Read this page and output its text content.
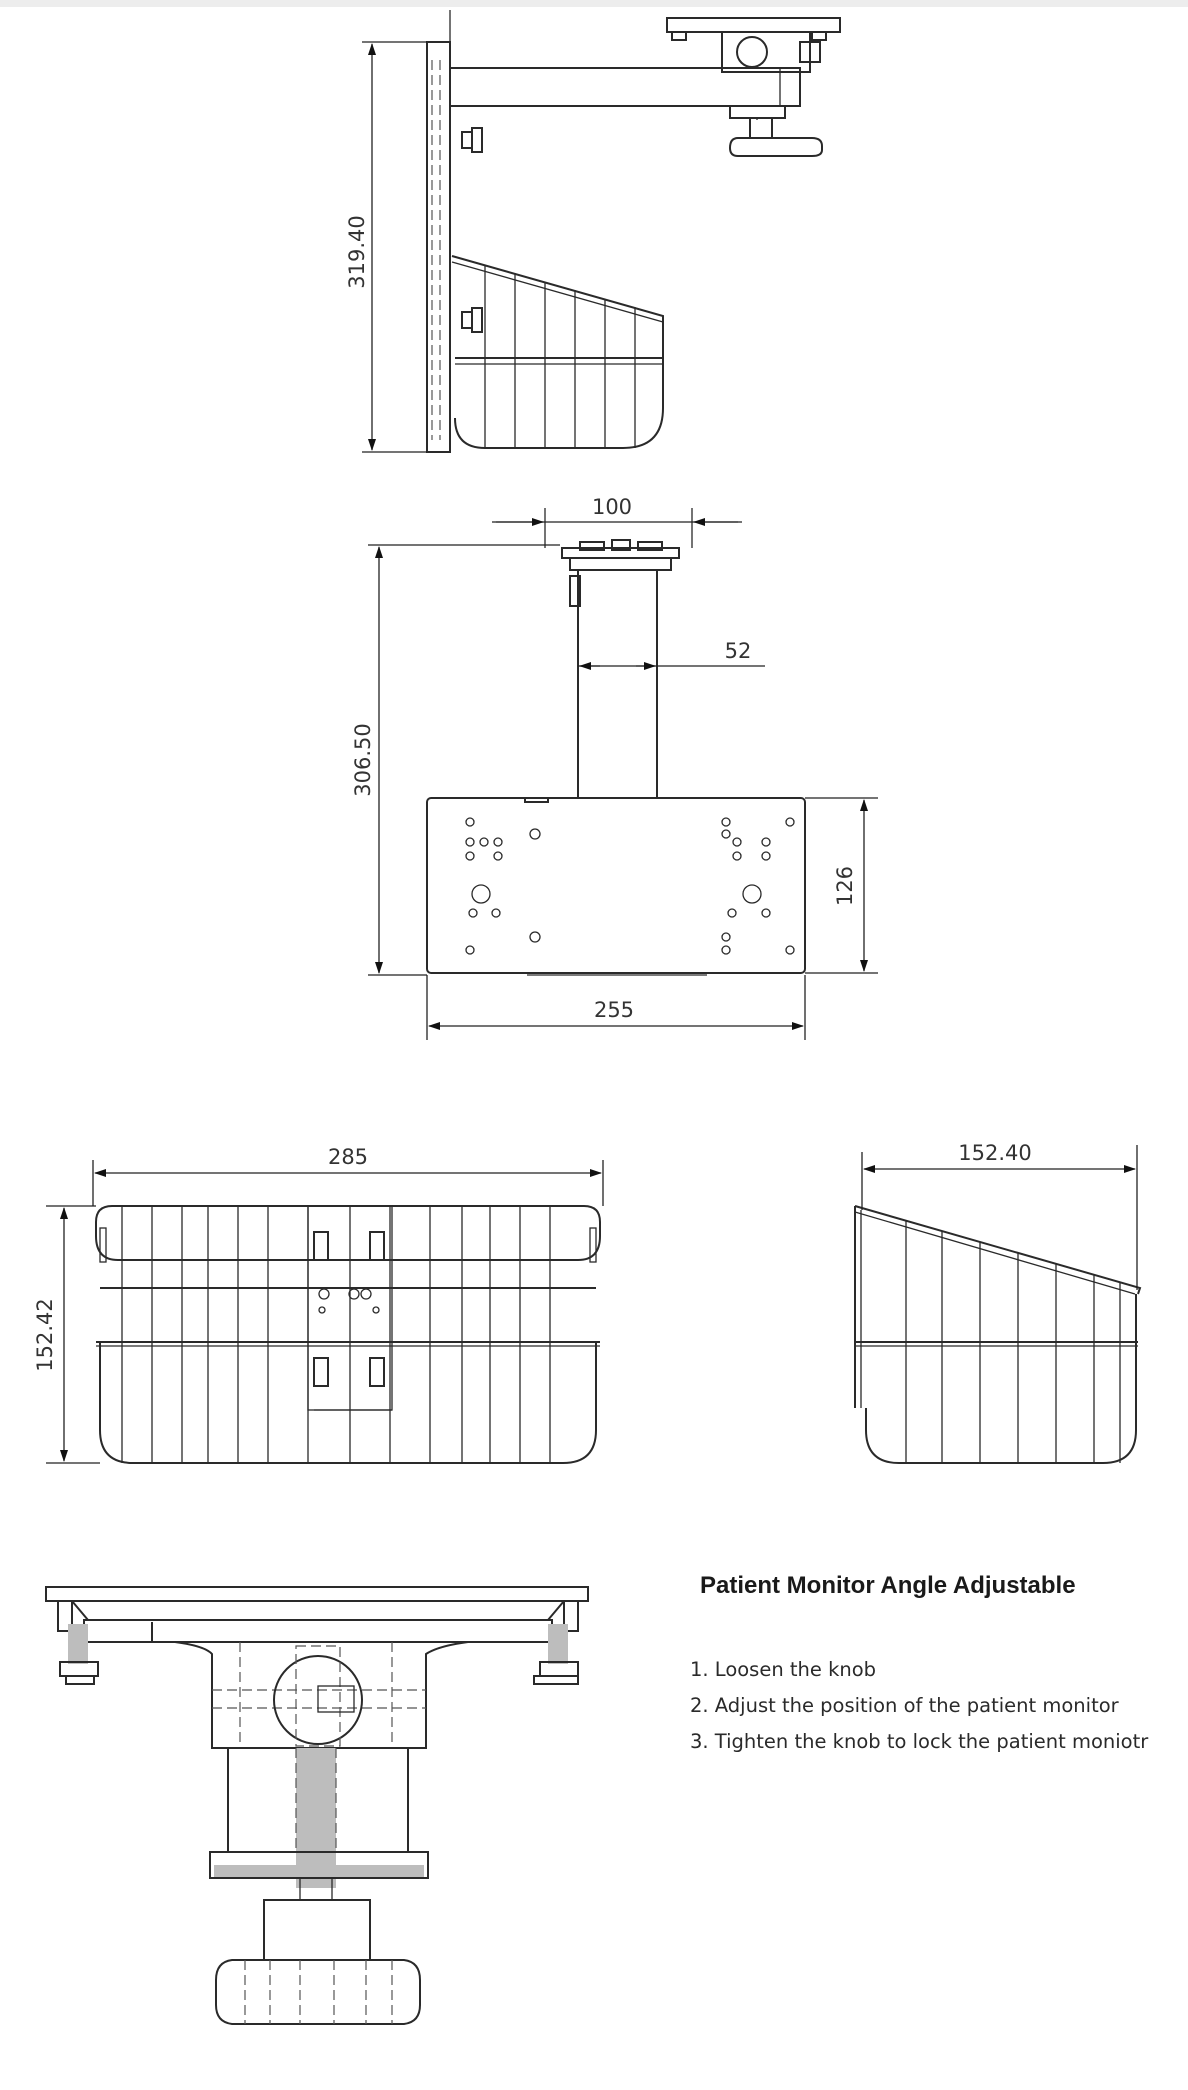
319.40
100
52
306.50
126
255
285
152.42
152.40
Patient Monitor Angle Adjustable
1. Loosen the knob
2. Adjust the position of the patient monitor
3. Tighten the knob to lock the patient moniotr
